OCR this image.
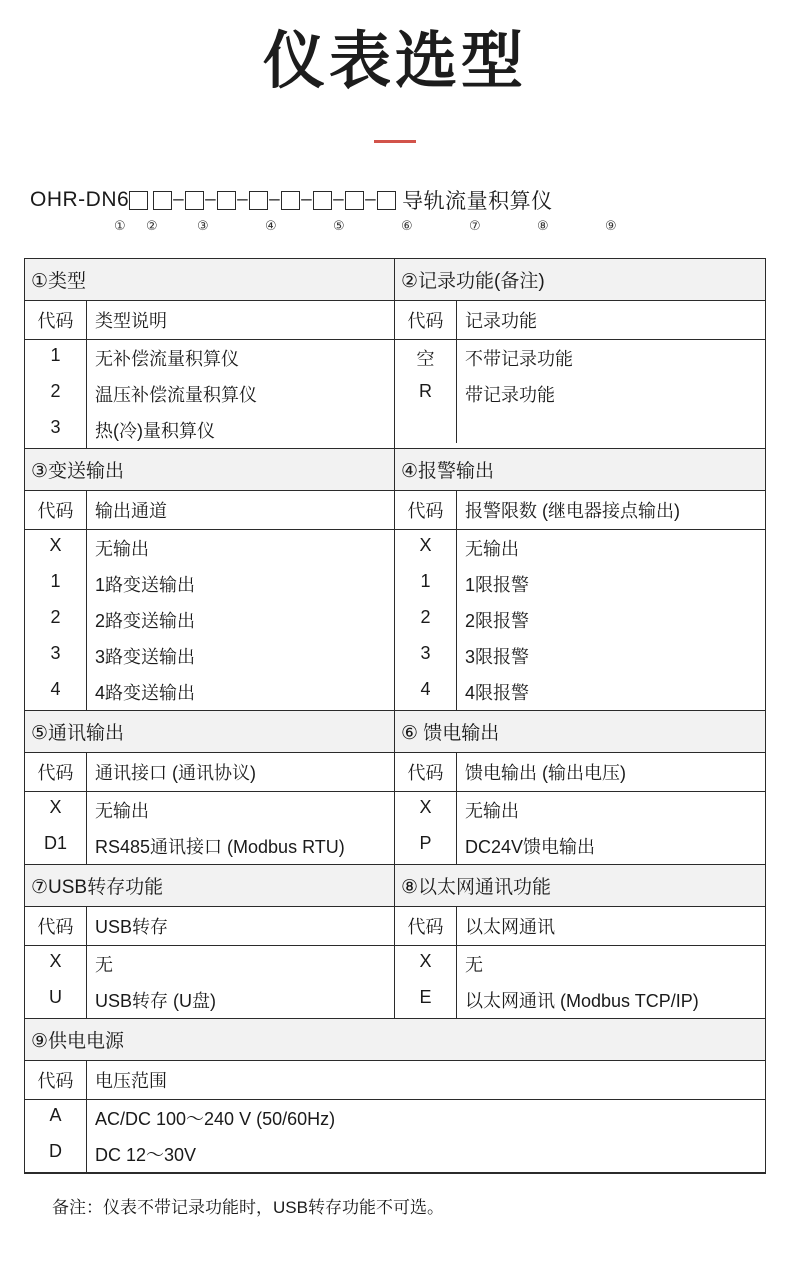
仪表选型
OHR-DN6 – – – – – – – 导轨流量积算仪
① ②	③	④	⑤	⑥	⑦	⑧	⑨
①类型
代码	类型说明
1	无补偿流量积算仪
2	温压补偿流量积算仪
3	热(冷)量积算仪
②记录功能(备注)
代码	记录功能
空	不带记录功能
R	带记录功能

③变送输出
代码	输出通道
X	无输出
1	1路变送输出
2	2路变送输出
3	3路变送输出
4	4路变送输出
④报警输出
代码	报警限数 (继电器接点输出)
X	无输出
1	1限报警
2	2限报警
3	3限报警
4	4限报警
⑤通讯输出
代码	通讯接口 (通讯协议)
X	无输出
D1	RS485通讯接口 (Modbus RTU)
⑥ 馈电输出
代码	馈电输出 (输出电压)
X	无输出
P	DC24V馈电输出
⑦USB转存功能
代码	USB转存
X	无
U	USB转存 (U盘)
⑧以太网通讯功能
代码	以太网通讯
X	无
E	以太网通讯 (Modbus TCP/IP)
⑨供电电源
代码	电压范围
A	AC/DC 100～240 V (50/60Hz)
D	DC 12～30V
备注：仪表不带记录功能时，USB转存功能不可选。
